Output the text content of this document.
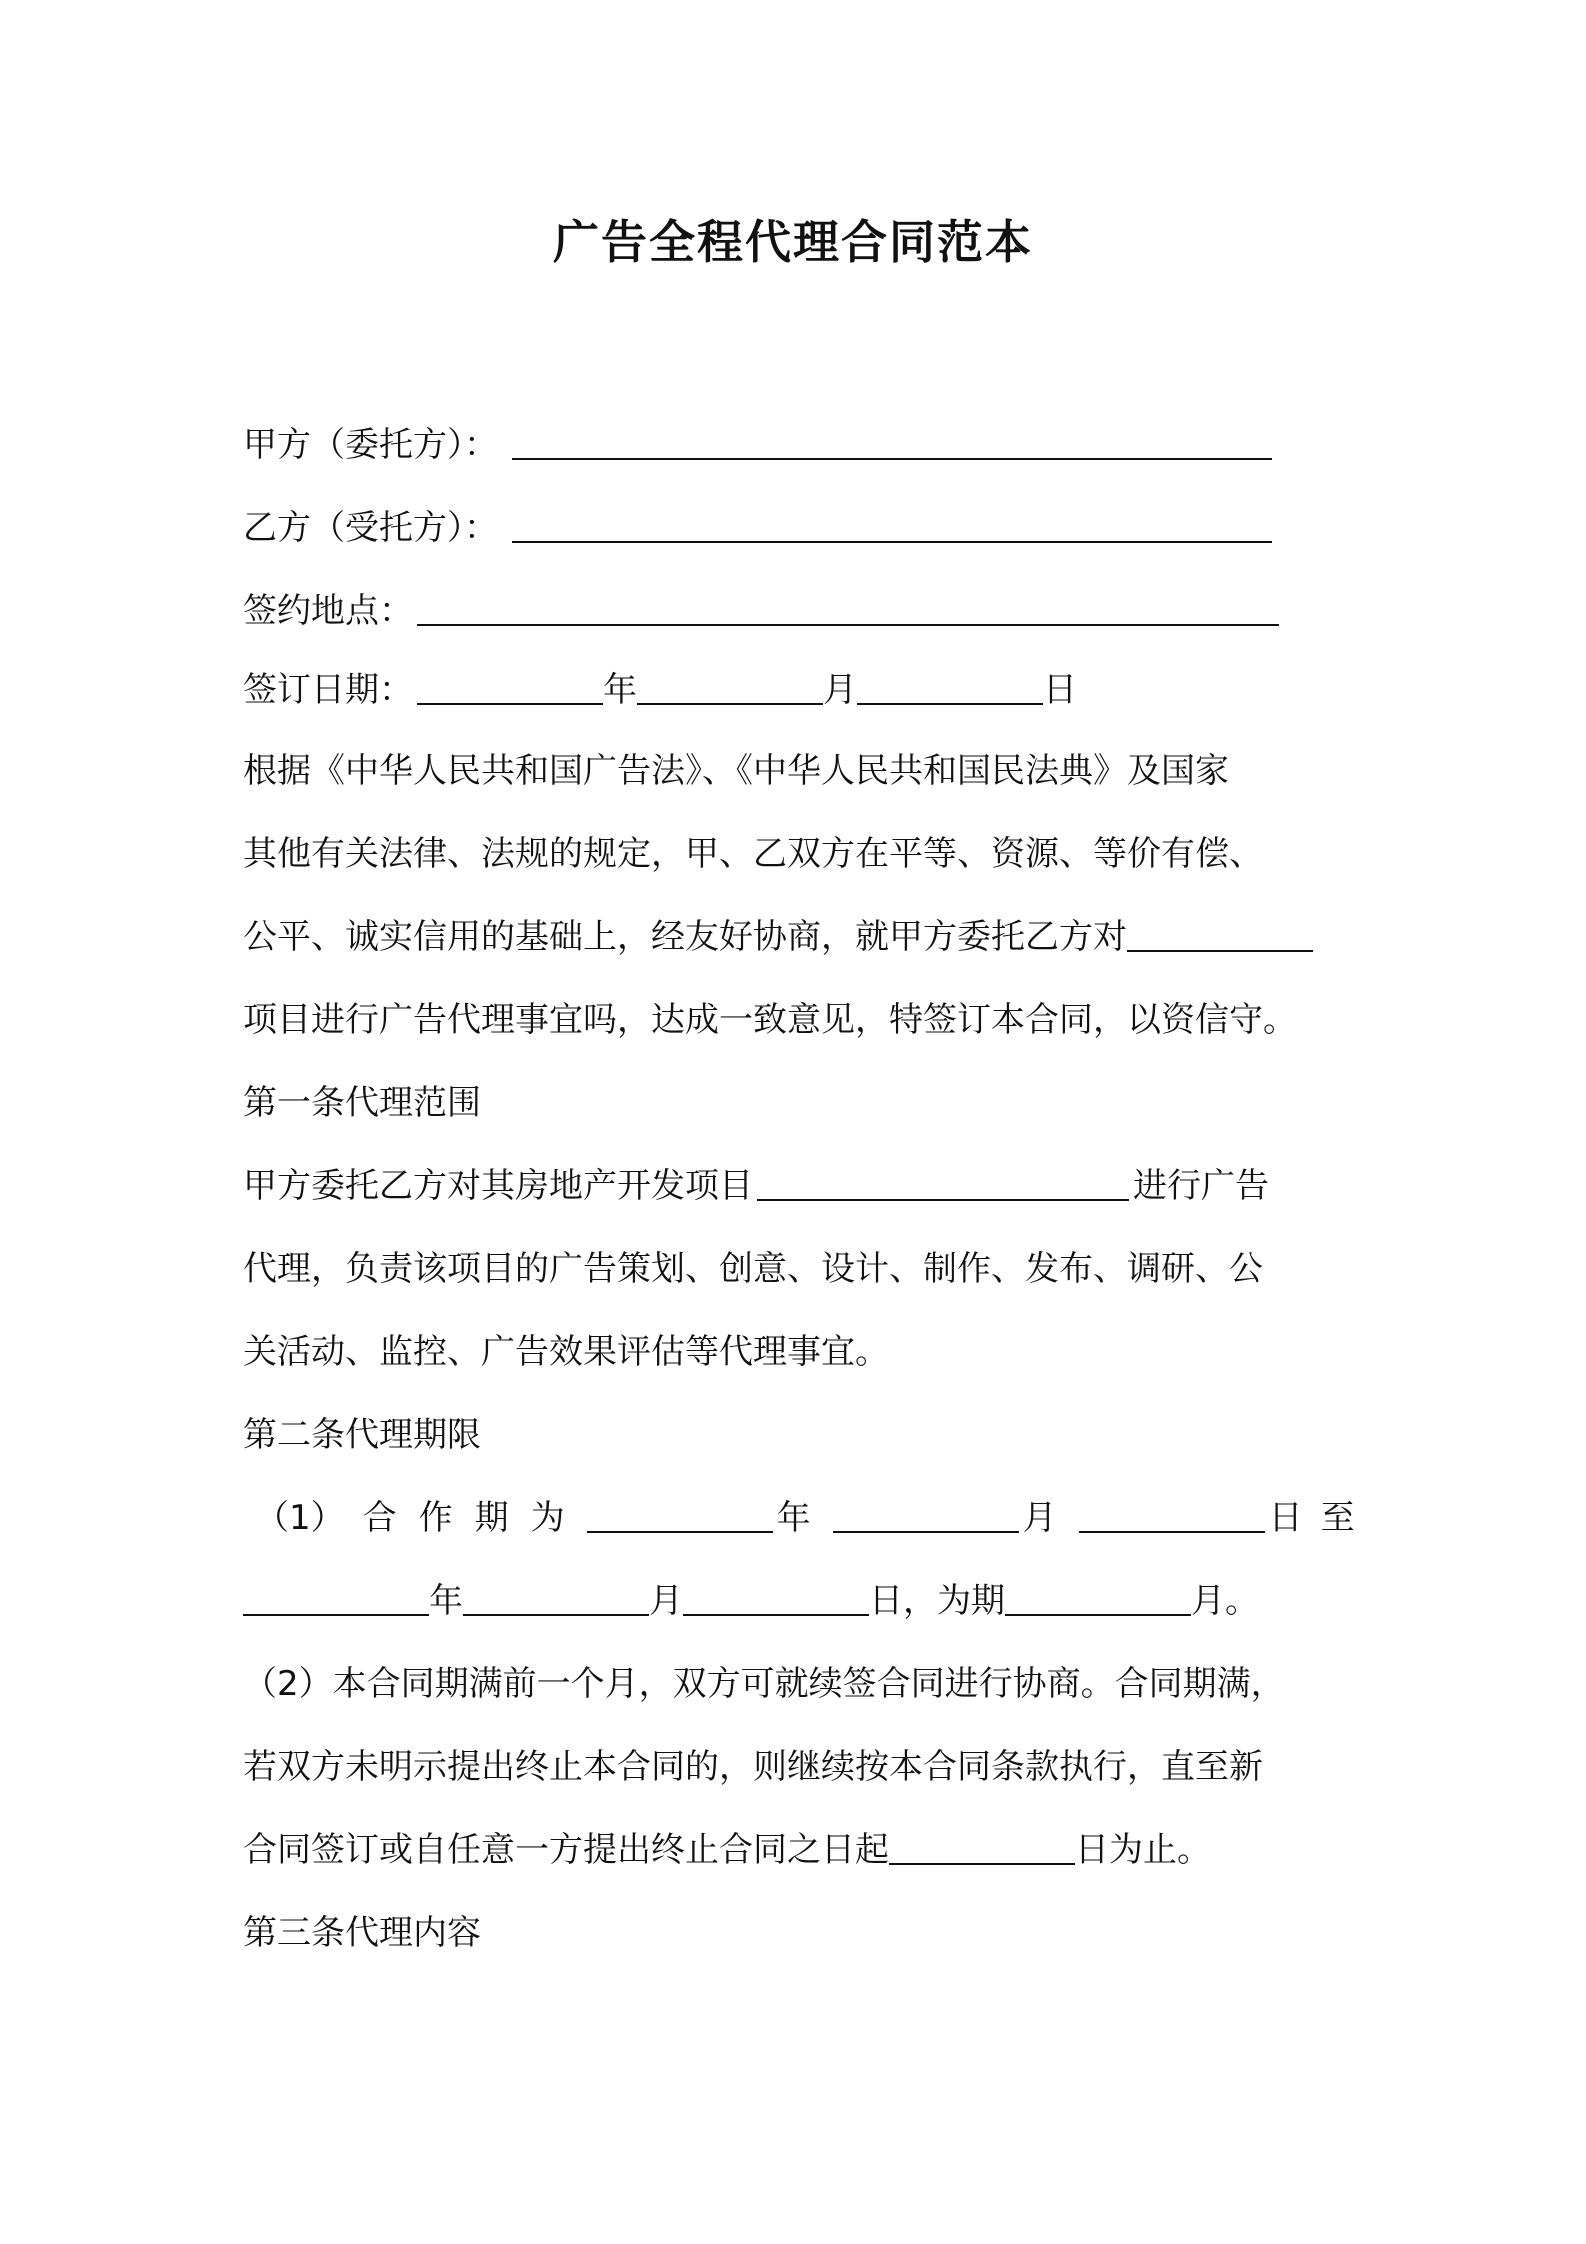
广告全程代理合同范本
甲方（委托方）：
乙方（受托方）：
签约地点：
签订日期：	年	月	日
根据《中华人民共和国广告法》、《中华人民共和国民法典》及国家
其他有关法律、法规的规定，甲、乙双方在平等、资源、等价有偿、
公平、诚实信用的基础上，经友好协商，就甲方委托乙方对
项目进行广告代理事宜吗，达成一致意见，特签订本合同，以资信守。
第一条代理范围
甲方委托乙方对其房地产开发项目	进行广告
代理，负责该项目的广告策划、创意、设计、制作、发布、调研、公
关活动、监控、广告效果评估等代理事宜。
第二条代理期限
（1） 合作期为	年	月	日 至
年	月	日，为期	月。
（2）本合同期满前一个月，双方可就续签合同进行协商。合同期满，
若双方未明示提出终止本合同的，则继续按本合同条款执行，直至新
合同签订或自任意一方提出终止合同之日起	日为止。
第三条代理内容
